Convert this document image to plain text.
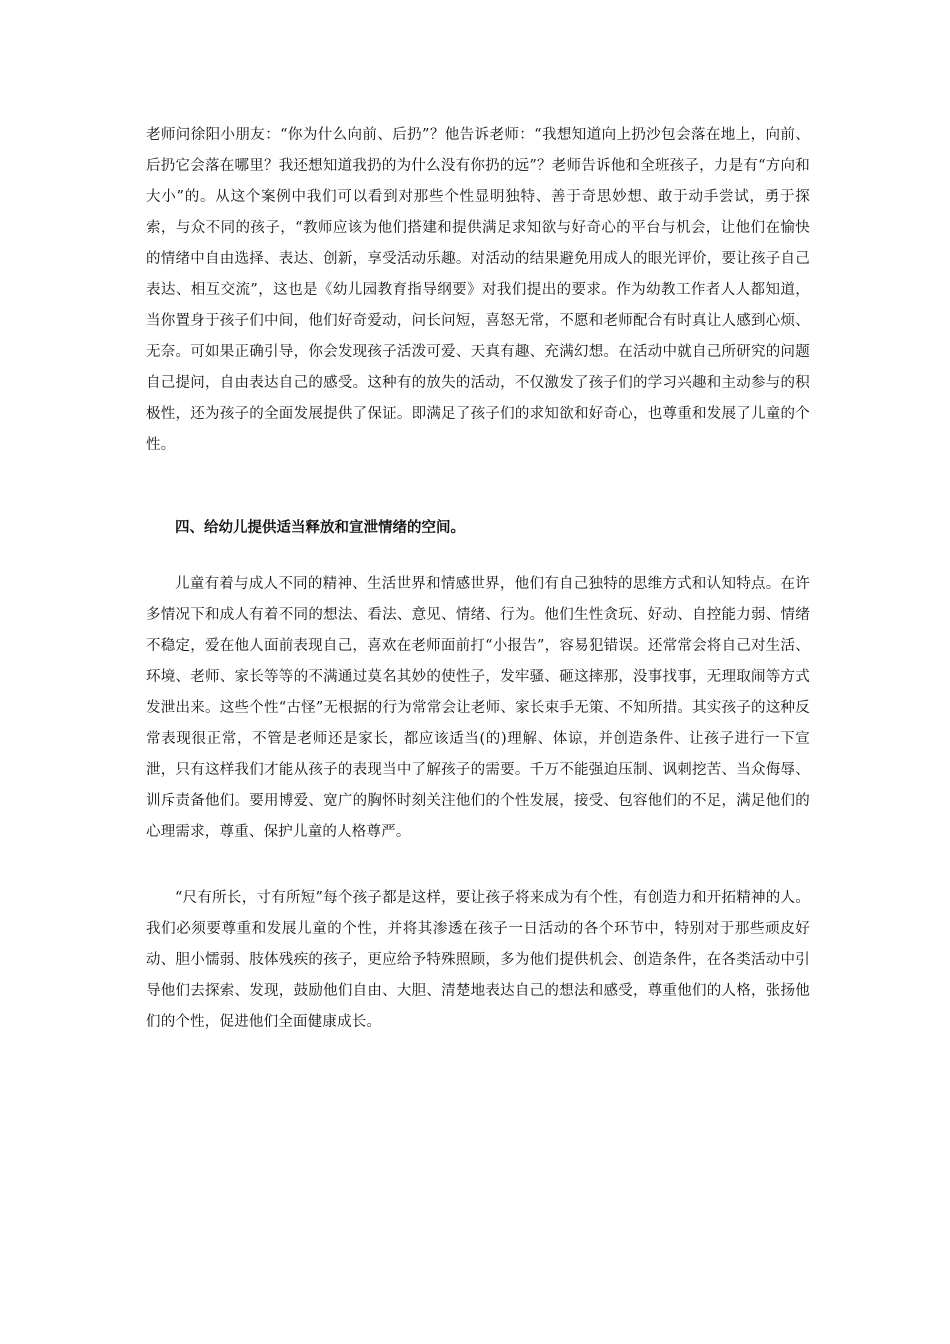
老师问徐阳小朋友：“你为什么向前、后扔”？他告诉老师：“我想知道向上扔沙包会落在地上，向前、后扔它会落在哪里？我还想知道我扔的为什么没有你扔的远”？老师告诉他和全班孩子，力是有“方向和大小”的。从这个案例中我们可以看到对那些个性显明独特、善于奇思妙想、敢于动手尝试，勇于探索，与众不同的孩子，“教师应该为他们搭建和提供满足求知欲与好奇心的平台与机会，让他们在愉快的情绪中自由选择、表达、创新，享受活动乐趣。对活动的结果避免用成人的眼光评价，要让孩子自己表达、相互交流”，这也是《幼儿园教育指导纲要》对我们提出的要求。作为幼教工作者人人都知道，当你置身于孩子们中间，他们好奇爱动，问长问短，喜怒无常，不愿和老师配合有时真让人感到心烦、无奈。可如果正确引导，你会发现孩子活泼可爱、天真有趣、充满幻想。在活动中就自己所研究的问题自己提问，自由表达自己的感受。这种有的放失的活动，不仅激发了孩子们的学习兴趣和主动参与的积极性，还为孩子的全面发展提供了保证。即满足了孩子们的求知欲和好奇心，也尊重和发展了儿童的个性。

四、给幼儿提供适当释放和宣泄情绪的空间。

儿童有着与成人不同的精神、生活世界和情感世界，他们有自己独特的思维方式和认知特点。在许多情况下和成人有着不同的想法、看法、意见、情绪、行为。他们生性贪玩、好动、自控能力弱、情绪不稳定，爱在他人面前表现自己，喜欢在老师面前打“小报告”，容易犯错误。还常常会将自己对生活、环境、老师、家长等等的不满通过莫名其妙的使性子，发牢骚、砸这摔那，没事找事，无理取闹等方式发泄出来。这些个性“古怪”无根据的行为常常会让老师、家长束手无策、不知所措。其实孩子的这种反常表现很正常，不管是老师还是家长，都应该适当(的)理解、体谅，并创造条件、让孩子进行一下宣泄，只有这样我们才能从孩子的表现当中了解孩子的需要。千万不能强迫压制、讽刺挖苦、当众侮辱、训斥责备他们。要用博爱、宽广的胸怀时刻关注他们的个性发展，接受、包容他们的不足，满足他们的心理需求，尊重、保护儿童的人格尊严。

“尺有所长，寸有所短”每个孩子都是这样，要让孩子将来成为有个性，有创造力和开拓精神的人。我们必须要尊重和发展儿童的个性，并将其渗透在孩子一日活动的各个环节中，特别对于那些顽皮好动、胆小懦弱、肢体残疾的孩子，更应给予特殊照顾，多为他们提供机会、创造条件，在各类活动中引导他们去探索、发现，鼓励他们自由、大胆、清楚地表达自己的想法和感受，尊重他们的人格，张扬他们的个性，促进他们全面健康成长。
